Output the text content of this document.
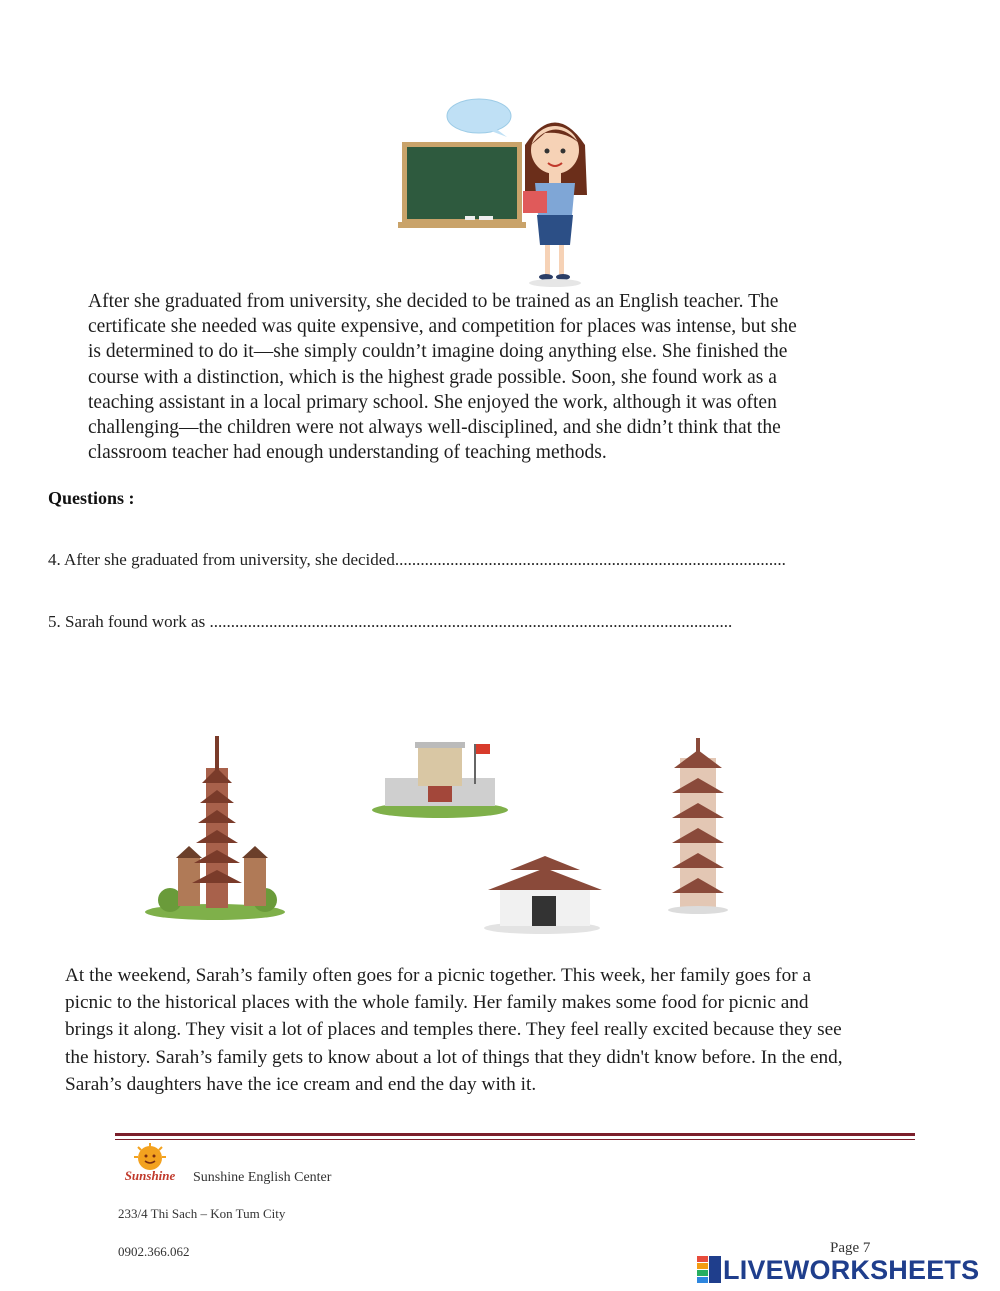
After she graduated from university, she decided to be trained as an English teacher. The
certificate she needed was quite expensive, and competition for places was intense, but she
is determined to do it—she simply couldn’t imagine doing anything else. She finished the
course with a distinction, which is the highest grade possible. Soon, she found work as a
teaching assistant in a local primary school. She enjoyed the work, although it was often
challenging—the children were not always well-disciplined, and she didn’t think that the
classroom teacher had enough understanding of teaching methods.
Questions :
4. After she graduated from university, she decided............................................................................................
5. Sarah found work as ...........................................................................................................................
At the weekend, Sarah’s family often goes for a picnic together. This week, her family goes for a
picnic to the historical places with the whole family. Her family makes some food for picnic and
brings it along. They visit a lot of places and temples there. They feel really excited because they see
the history. Sarah’s family gets to know about a lot of things that they didn't know before. In the end,
Sarah’s daughters have the ice cream and end the day with it.
Sunshine Sunshine English Center
233/4 Thi Sach – Kon Tum City
0902.366.062	Page 7
LIVEWORKSHEETS
